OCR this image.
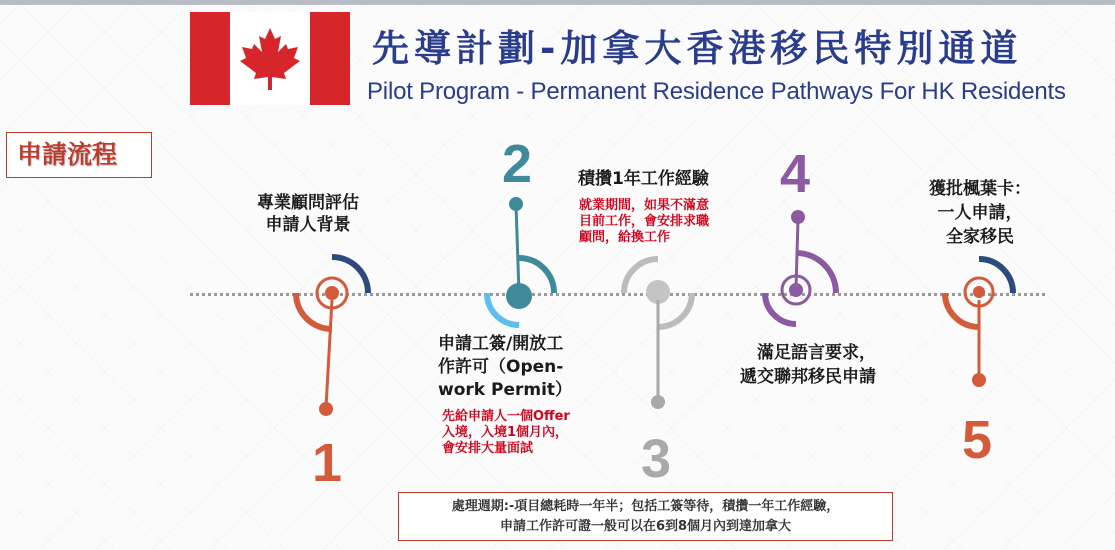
先導計劃-加拿大香港移民特別通道
Pilot Program - Permanent Residence Pathways For HK Residents
申請流程
1
2
3
4
5
專業顧問評估
申請人背景
申請工簽/開放工
作許可（Open-
work Permit）
先給申請人一個Offer
入境，入境1個月內，
會安排大量面試
積攢1年工作經驗
就業期間，如果不滿意
目前工作，會安排求職
顧問，給換工作
滿足語言要求，
遞交聯邦移民申請
獲批楓葉卡：
一人申請，
全家移民
處理週期:-項目總耗時一年半；包括工簽等待，積攢一年工作經驗，
申請工作許可證一般可以在6到8個月內到達加拿大
